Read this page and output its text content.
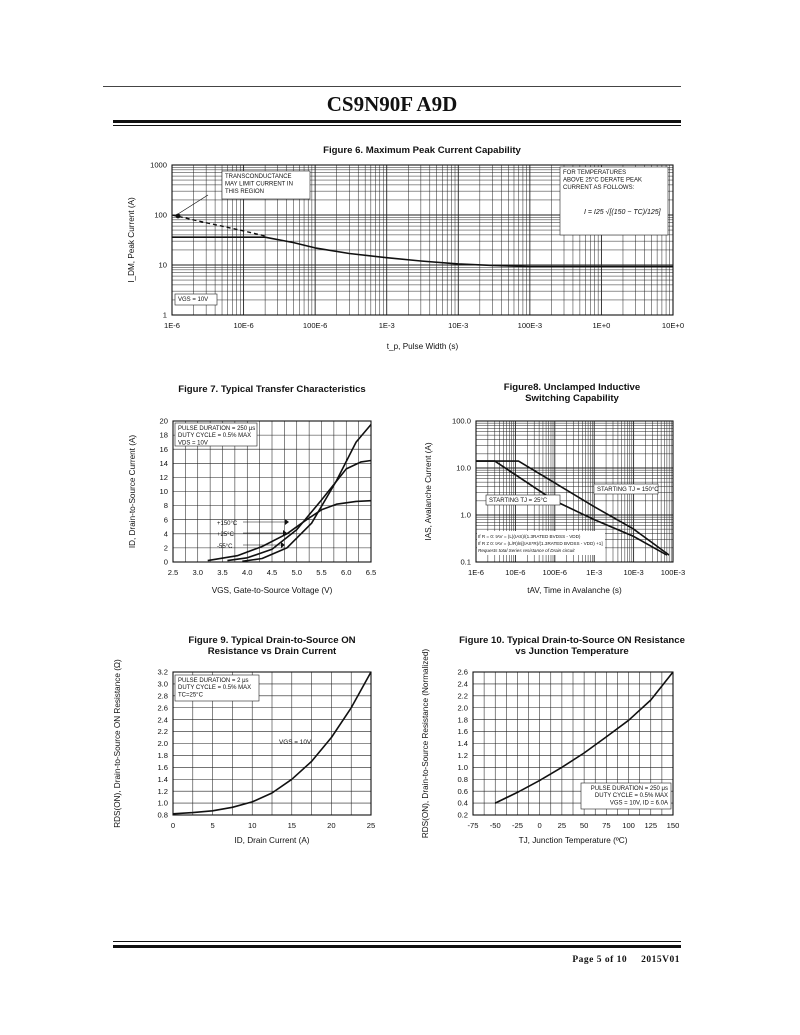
CS9N90F A9D
Figure 6. Maximum Peak Current Capability
1E-6	10E-6	100E-6	1E-3	10E-3	100E-3	1E+0	10E+0
1
10
100
1000
t_p, Pulse Width (s)
I_DM, Peak Current (A)
Figure 7. Typical Transfer Characteristics
2.5 3.0 3.5 4.0 4.5 5.0 5.5 6.0 6.5
0
2
4
6
8
10
12
14
16
18
20
VGS, Gate-to-Source Voltage (V)
ID, Drain-to-Source Current (A)
Figure8. Unclamped Inductive
Switching Capability
1E-6	10E-6 100E-6	1E-3	10E-3 100E-3
0.1
1.0
10.0
100.0
tAV, Time in Avalanche (s)
IAS, Avalanche Current (A)
Figure 9. Typical Drain-to-Source ON
Resistance vs Drain Current
0	5	10	15	20	25
0.8
1.0
1.2
1.4
1.6
1.8
2.0
2.2
2.4
2.6
2.8
3.0
3.2
ID, Drain Current (A)
RDS(ON), Drain-to-Source ON Resistance (Ω)
Figure 10. Typical Drain-to-Source ON Resistance
vs Junction Temperature
-75 -50 -25 0 25 50 75 100 125 150
0.2
0.4
0.6
0.8
1.0
1.2
1.4
1.6
1.8
2.0
2.2
2.4
2.6
TJ, Junction Temperature (ºC)
RDS(ON), Drain-to-Source Resistance (Normalized)
TRANSCONDUCTANCE
MAY LIMIT CURRENT IN
THIS REGION
VGS = 10V
FOR TEMPERATURES
ABOVE 25°C DERATE PEAK
CURRENT AS FOLLOWS:
I = I25 √[(150 − TC)/125]
PULSE DURATION = 250 μs
DUTY CYCLE = 0.5% MAX
VDS = 10V
+150°C
+25°C
-55°C
STARTING TJ = 150°C
STARTING TJ = 25°C
If R = 0: tAV = (L)(IAS)/(1.3RATED BVDSS - VDD)
If R ≠ 0: tAV = (L/R)ln[(IAS*R)/(1.3RATED BVDSS - VDD) +1]
Requests total Series resistance of Drain circuit
PULSE DURATION = 2 μs
DUTY CYCLE = 0.5% MAX
TC=25°C
VGS = 10V
PULSE DURATION = 250 μs
DUTY CYCLE = 0.5% MAX
VGS = 10V, ID = 6.0A
Page 5 of 10 2015V01
